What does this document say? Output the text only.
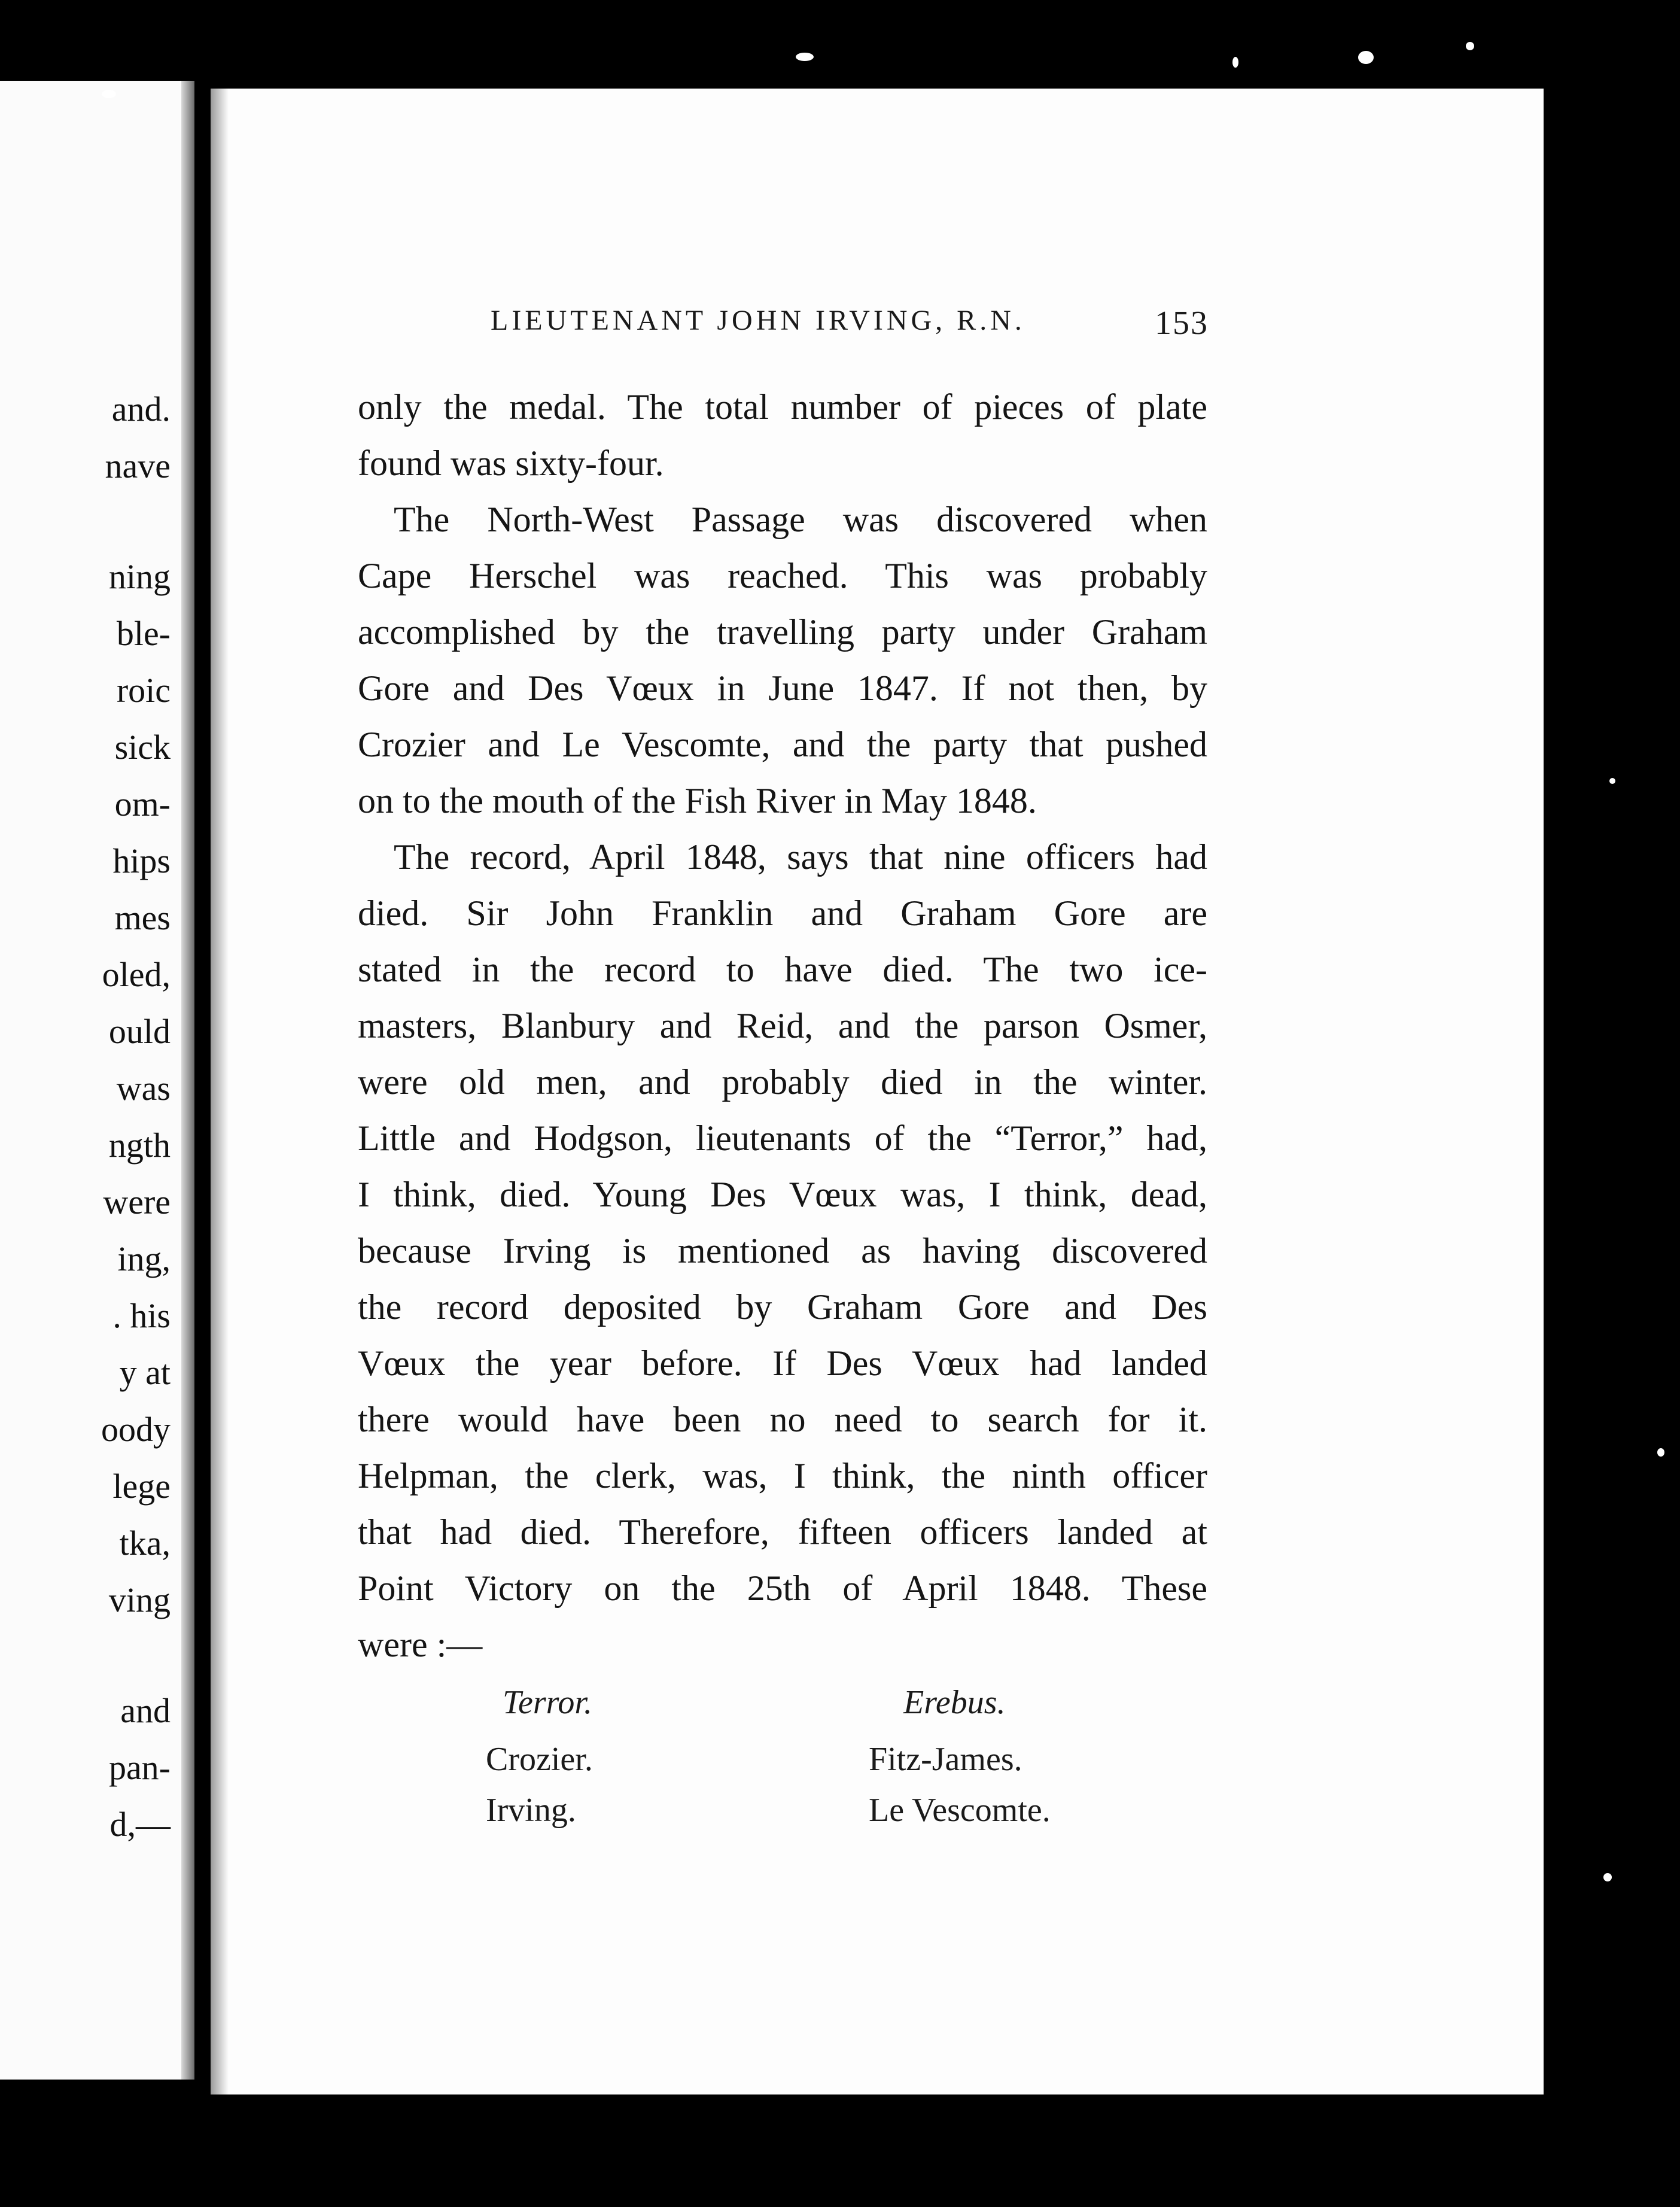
and.
nave
ning
ble-
roic
sick
om-
hips
mes
oled,
ould
was
ngth
were
ing,
. his
y at
oody
lege
tka,
ving
and
pan-
d,—
LIEUTENANT JOHN IRVING, R.N.	153
only the medal. The total number of pieces of plate
found was sixty-four.
The North-West Passage was discovered when
Cape Herschel was reached. This was probably
accomplished by the travelling party under Graham
Gore and Des Vœux in June 1847. If not then, by
Crozier and Le Vescomte, and the party that pushed
on to the mouth of the Fish River in May 1848.
The record, April 1848, says that nine officers had
died. Sir John Franklin and Graham Gore are
stated in the record to have died. The two ice-
masters, Blanbury and Reid, and the parson Osmer,
were old men, and probably died in the winter.
Little and Hodgson, lieutenants of the “Terror,” had,
I think, died. Young Des Vœux was, I think, dead,
because Irving is mentioned as having discovered
the record deposited by Graham Gore and Des
Vœux the year before. If Des Vœux had landed
there would have been no need to search for it.
Helpman, the clerk, was, I think, the ninth officer
that had died. Therefore, fifteen officers landed at
Point Victory on the 25th of April 1848. These
were :—
Terror.	Erebus.
Crozier.
Irving.
Fitz-James.
Le Vescomte.
